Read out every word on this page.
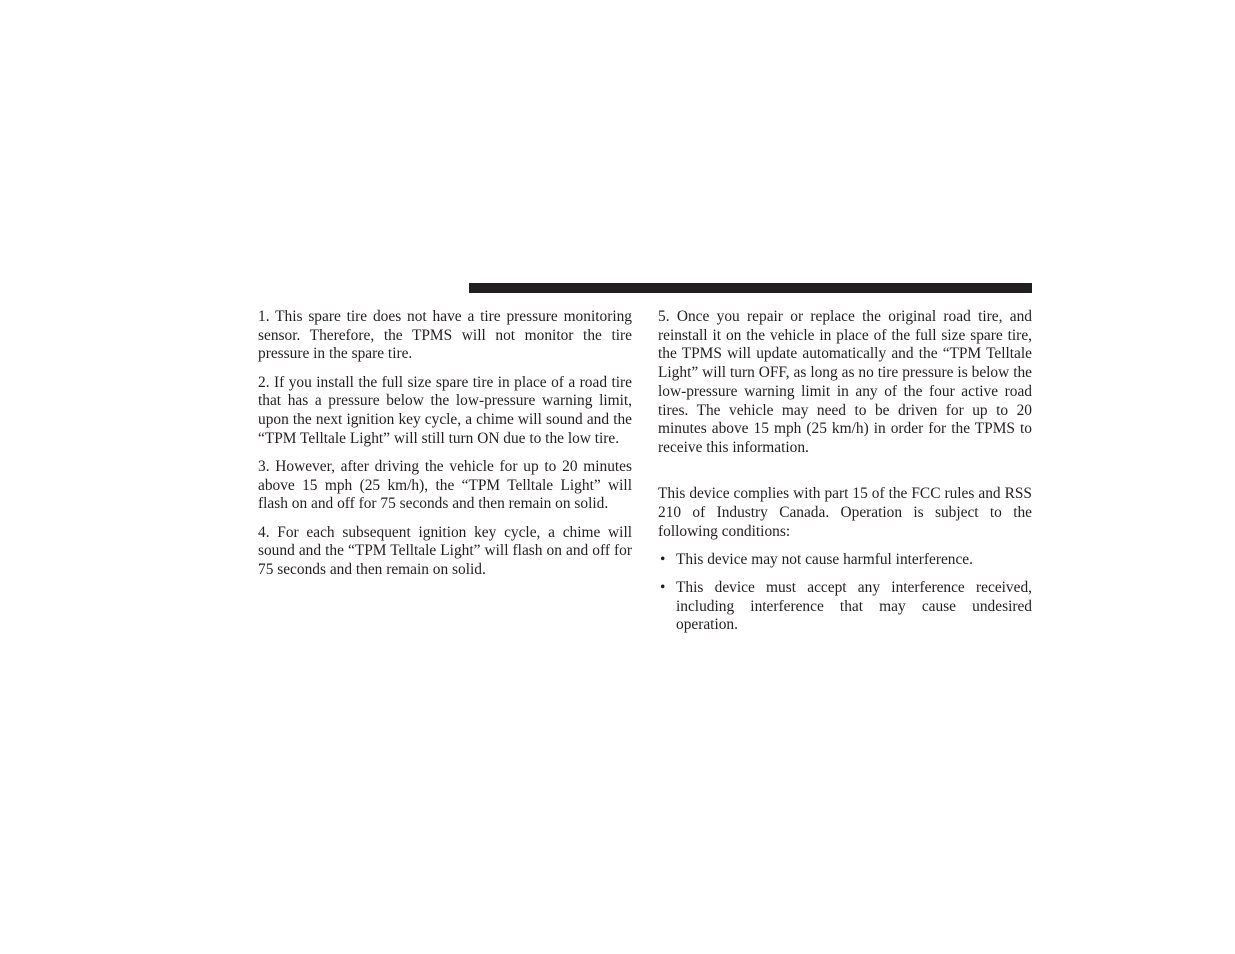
1. This spare tire does not have a tire pressure monitoring sensor. Therefore, the TPMS will not monitor the tire pressure in the spare tire.

2. If you install the full size spare tire in place of a road tire that has a pressure below the low-pressure warning limit, upon the next ignition key cycle, a chime will sound and the “TPM Telltale Light” will still turn ON due to the low tire.

3. However, after driving the vehicle for up to 20 minutes above 15 mph (25 km/h), the “TPM Telltale Light” will flash on and off for 75 seconds and then remain on solid.

4. For each subsequent ignition key cycle, a chime will sound and the “TPM Telltale Light” will flash on and off for 75 seconds and then remain on solid.

5. Once you repair or replace the original road tire, and reinstall it on the vehicle in place of the full size spare tire, the TPMS will update automatically and the “TPM Telltale Light” will turn OFF, as long as no tire pressure is below the low-pressure warning limit in any of the four active road tires. The vehicle may need to be driven for up to 20 minutes above 15 mph (25 km/h) in order for the TPMS to receive this information.

This device complies with part 15 of the FCC rules and RSS 210 of Industry Canada. Operation is subject to the following conditions:

• This device may not cause harmful interference.
• This device must accept any interference received, including interference that may cause undesired operation.
